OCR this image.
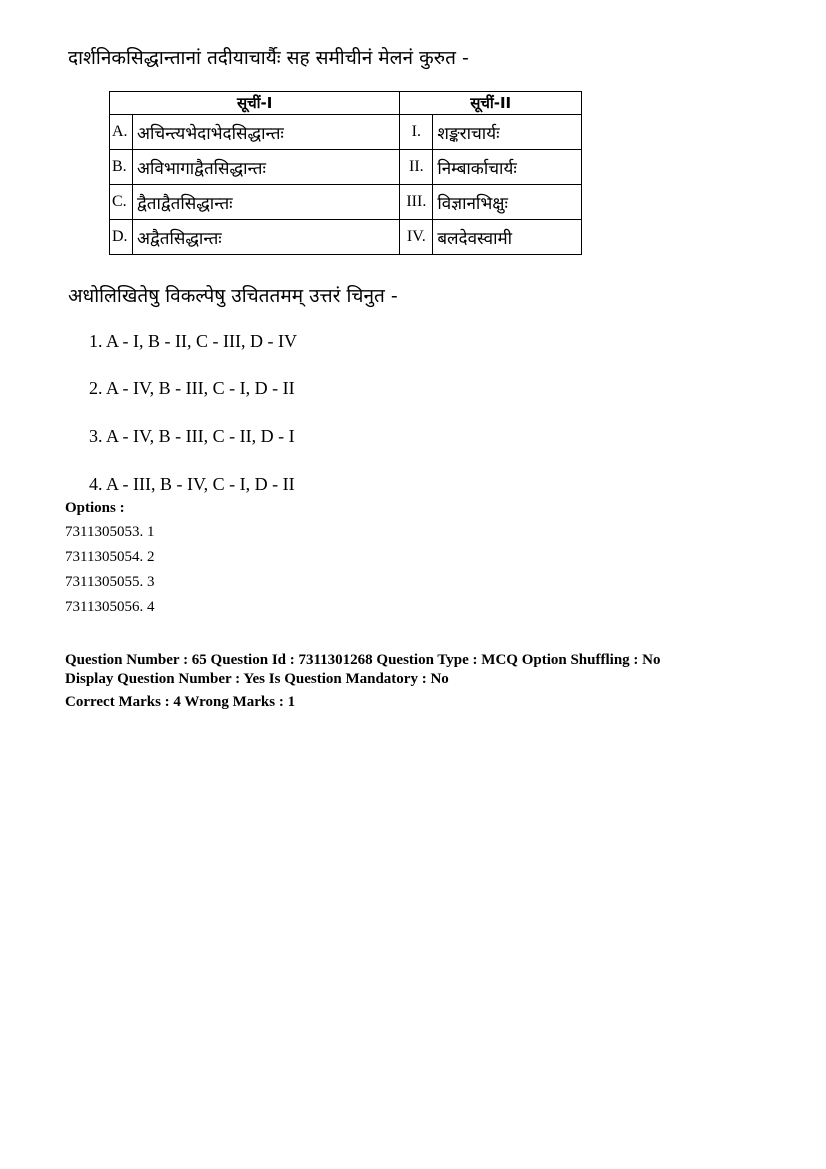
दार्शनिकसिद्धान्तानां तदीयाचार्यैः सह समीचीनं मेलनं कुरुत -
सूचीं-I		सूचीं-II	
A.	अचिन्त्यभेदाभेदसिद्धान्तः	I.	शङ्कराचार्यः
B.	अविभागाद्वैतसिद्धान्तः	II.	निम्बार्काचार्यः
C.	द्वैताद्वैतसिद्धान्तः	III.	विज्ञानभिक्षुः
D.	अद्वैतसिद्धान्तः	IV.	बलदेवस्वामी
अधोलिखितेषु विकल्पेषु उचिततमम् उत्तरं चिनुत -
1. A - I, B - II, C - III, D - IV
2. A - IV, B - III, C - I, D - II
3. A - IV, B - III, C - II, D - I
4. A - III, B - IV, C - I, D - II
Options :
7311305053. 1
7311305054. 2
7311305055. 3
7311305056. 4
Question Number : 65 Question Id : 7311301268 Question Type : MCQ Option Shuffling : No
Display Question Number : Yes Is Question Mandatory : No
Correct Marks : 4 Wrong Marks : 1
